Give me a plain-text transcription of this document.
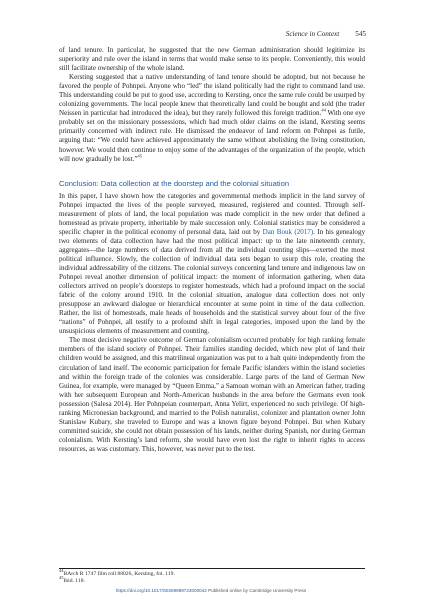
Science in Context 545

of land tenure. In particular, he suggested that the new German administration should legitimize its superiority and rule over the island in terms that would make sense to its people. Conveniently, this would still facilitate ownership of the whole island.

Kersting suggested that a native understanding of land tenure should be adopted, but not because he favored the people of Pohnpei. Anyone who “led” the island politically had the right to command land use. This understanding could be put to good use, according to Kersting, once the same rule could be usurped by colonizing governments. The local people knew that theoretically land could be bought and sold (the trader Neissen in particular had introduced the idea), but they rarely followed this foreign tradition.$^{44}$ With one eye probably set on the missionary possessions, which had much older claims on the island, Kersting seems primarily concerned with indirect rule. He dismissed the endeavor of land reform on Pohnpei as futile, arguing that: “We could have achieved approximately the same without abolishing the living constitution, however. We would then continue to enjoy some of the advantages of the organization of the people, which will now gradually be lost.”$^{45}$

Conclusion: Data collection at the doorstep and the colonial situation

In this paper, I have shown how the categories and governmental methods implicit in the land survey of Pohnpei impacted the lives of the people surveyed, measured, registered and counted. Through self-measurement of plots of land, the local population was made complicit in the new order that defined a homestead as private property, inheritable by male succession only. Colonial statistics may be considered a specific chapter in the political economy of personal data, laid out by Dan Bouk (2017). In his genealogy two elements of data collection have had the most political impact: up to the late nineteenth century, aggregates—the large numbers of data derived from all the individual counting slips—exerted the most political influence. Slowly, the collection of individual data sets began to usurp this role, creating the individual addressability of the citizens. The colonial surveys concerning land tenure and indigenous law on Pohnpei reveal another dimension of political impact: the moment of information gathering, when data collectors arrived on people’s doorsteps to register homesteads, which had a profound impact on the social fabric of the colony around 1910. In the colonial situation, analogue data collection does not only presuppose an awkward dialogue or hierarchical encounter at some point in time of the data collection. Rather, the list of homesteads, male heads of households and the statistical survey about four of the five “nations” of Pohnpei, all testify to a profound shift in legal categories, imposed upon the land by the unsuspicious elements of measurement and counting.

The most decisive negative outcome of German colonialism occurred probably for high ranking female members of the island society of Pohnpei. Their families standing decided, which new plot of land their children would be assigned, and this matrilineal organization was put to a halt quite independently from the circulation of land itself. The economic participation for female Pacific islanders within the island societies and within the foreign trade of the colonies was considerable. Large parts of the land of German New Guinea, for example, were managed by “Queen Emma,” a Samoan woman with an American father, trading with her subsequent European and North-American husbands in the area before the Germans even took possession (Salesa 2014). Her Pohnpeian counterpart, Anna Yelirt, experienced no such privilege. Of high-ranking Micronesian background, and married to the Polish naturalist, colonizer and plantation owner John Stanislaw Kubary, she traveled to Europe and was a known figure beyond Pohnpei. But when Kubary committed suicide, she could not obtain possession of his lands, neither during Spanish, nor during German colonialism. With Kersting’s land reform, she would have even lost the right to inherit rights to access resources, as was customary. This, however, was never put to the test.

$^{44}$BArch R 1747 film roll 88026, Kersting, fol. 119.
$^{45}$Ibid. 118.
https://doi.org/10.1017/S0269889723000042 Published online by Cambridge University Press
